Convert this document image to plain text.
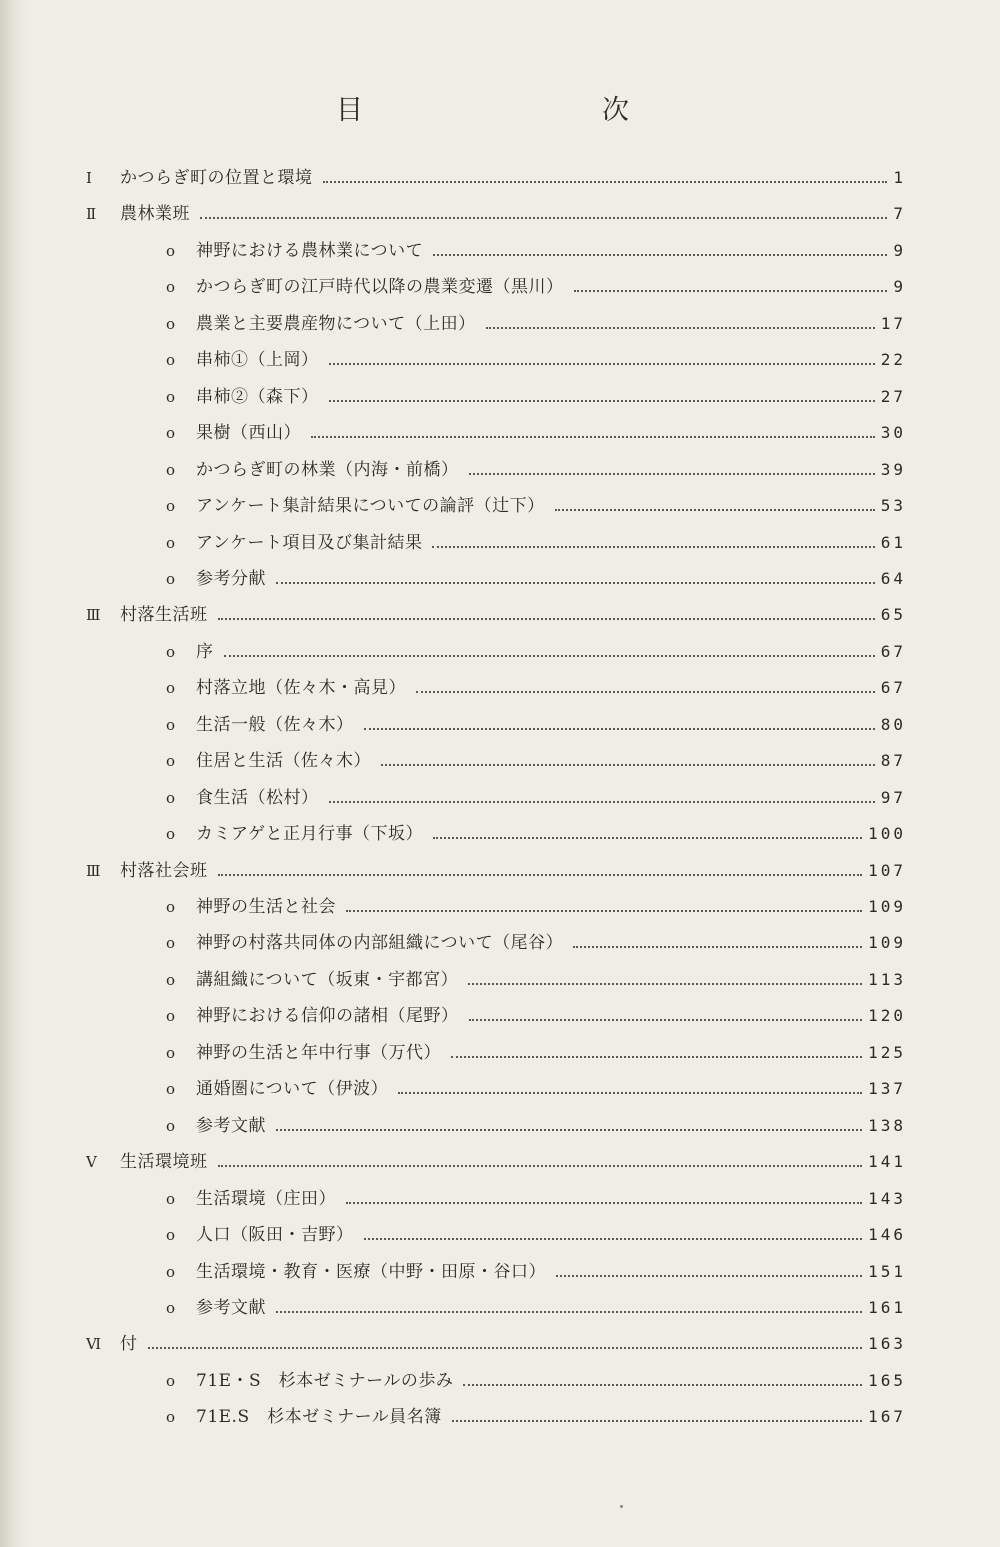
目	次
Ⅰ	かつらぎ町の位置と環境	1
Ⅱ	農林業班	7
o	神野における農林業について	9
o	かつらぎ町の江戸時代以降の農業変遷（黒川）	9
o	農業と主要農産物について（上田）	17
o	串柿①（上岡）	22
o	串柿②（森下）	27
o	果樹（西山）	30
o	かつらぎ町の林業（内海・前橋）	39
o	アンケート集計結果についての論評（辻下）	53
o	アンケート項目及び集計結果	61
o	参考分献	64
Ⅲ	村落生活班	65
o	序	67
o	村落立地（佐々木・高見）	67
o	生活一般（佐々木）	80
o	住居と生活（佐々木）	87
o	食生活（松村）	97
o	カミアゲと正月行事（下坂）	100
Ⅲ	村落社会班	107
o	神野の生活と社会	109
o	神野の村落共同体の内部組織について（尾谷）	109
o	講組織について（坂東・宇都宮）	113
o	神野における信仰の諸相（尾野）	120
o	神野の生活と年中行事（万代）	125
o	通婚圏について（伊波）	137
o	参考文献	138
Ⅴ	生活環境班	141
o	生活環境（庄田）	143
o	人口（阪田・吉野）	146
o	生活環境・教育・医療（中野・田原・谷口）	151
o	参考文献	161
Ⅵ	付	163
o	71E・S　杉本ゼミナールの歩み	165
o	71E.S　杉本ゼミナール員名簿	167
